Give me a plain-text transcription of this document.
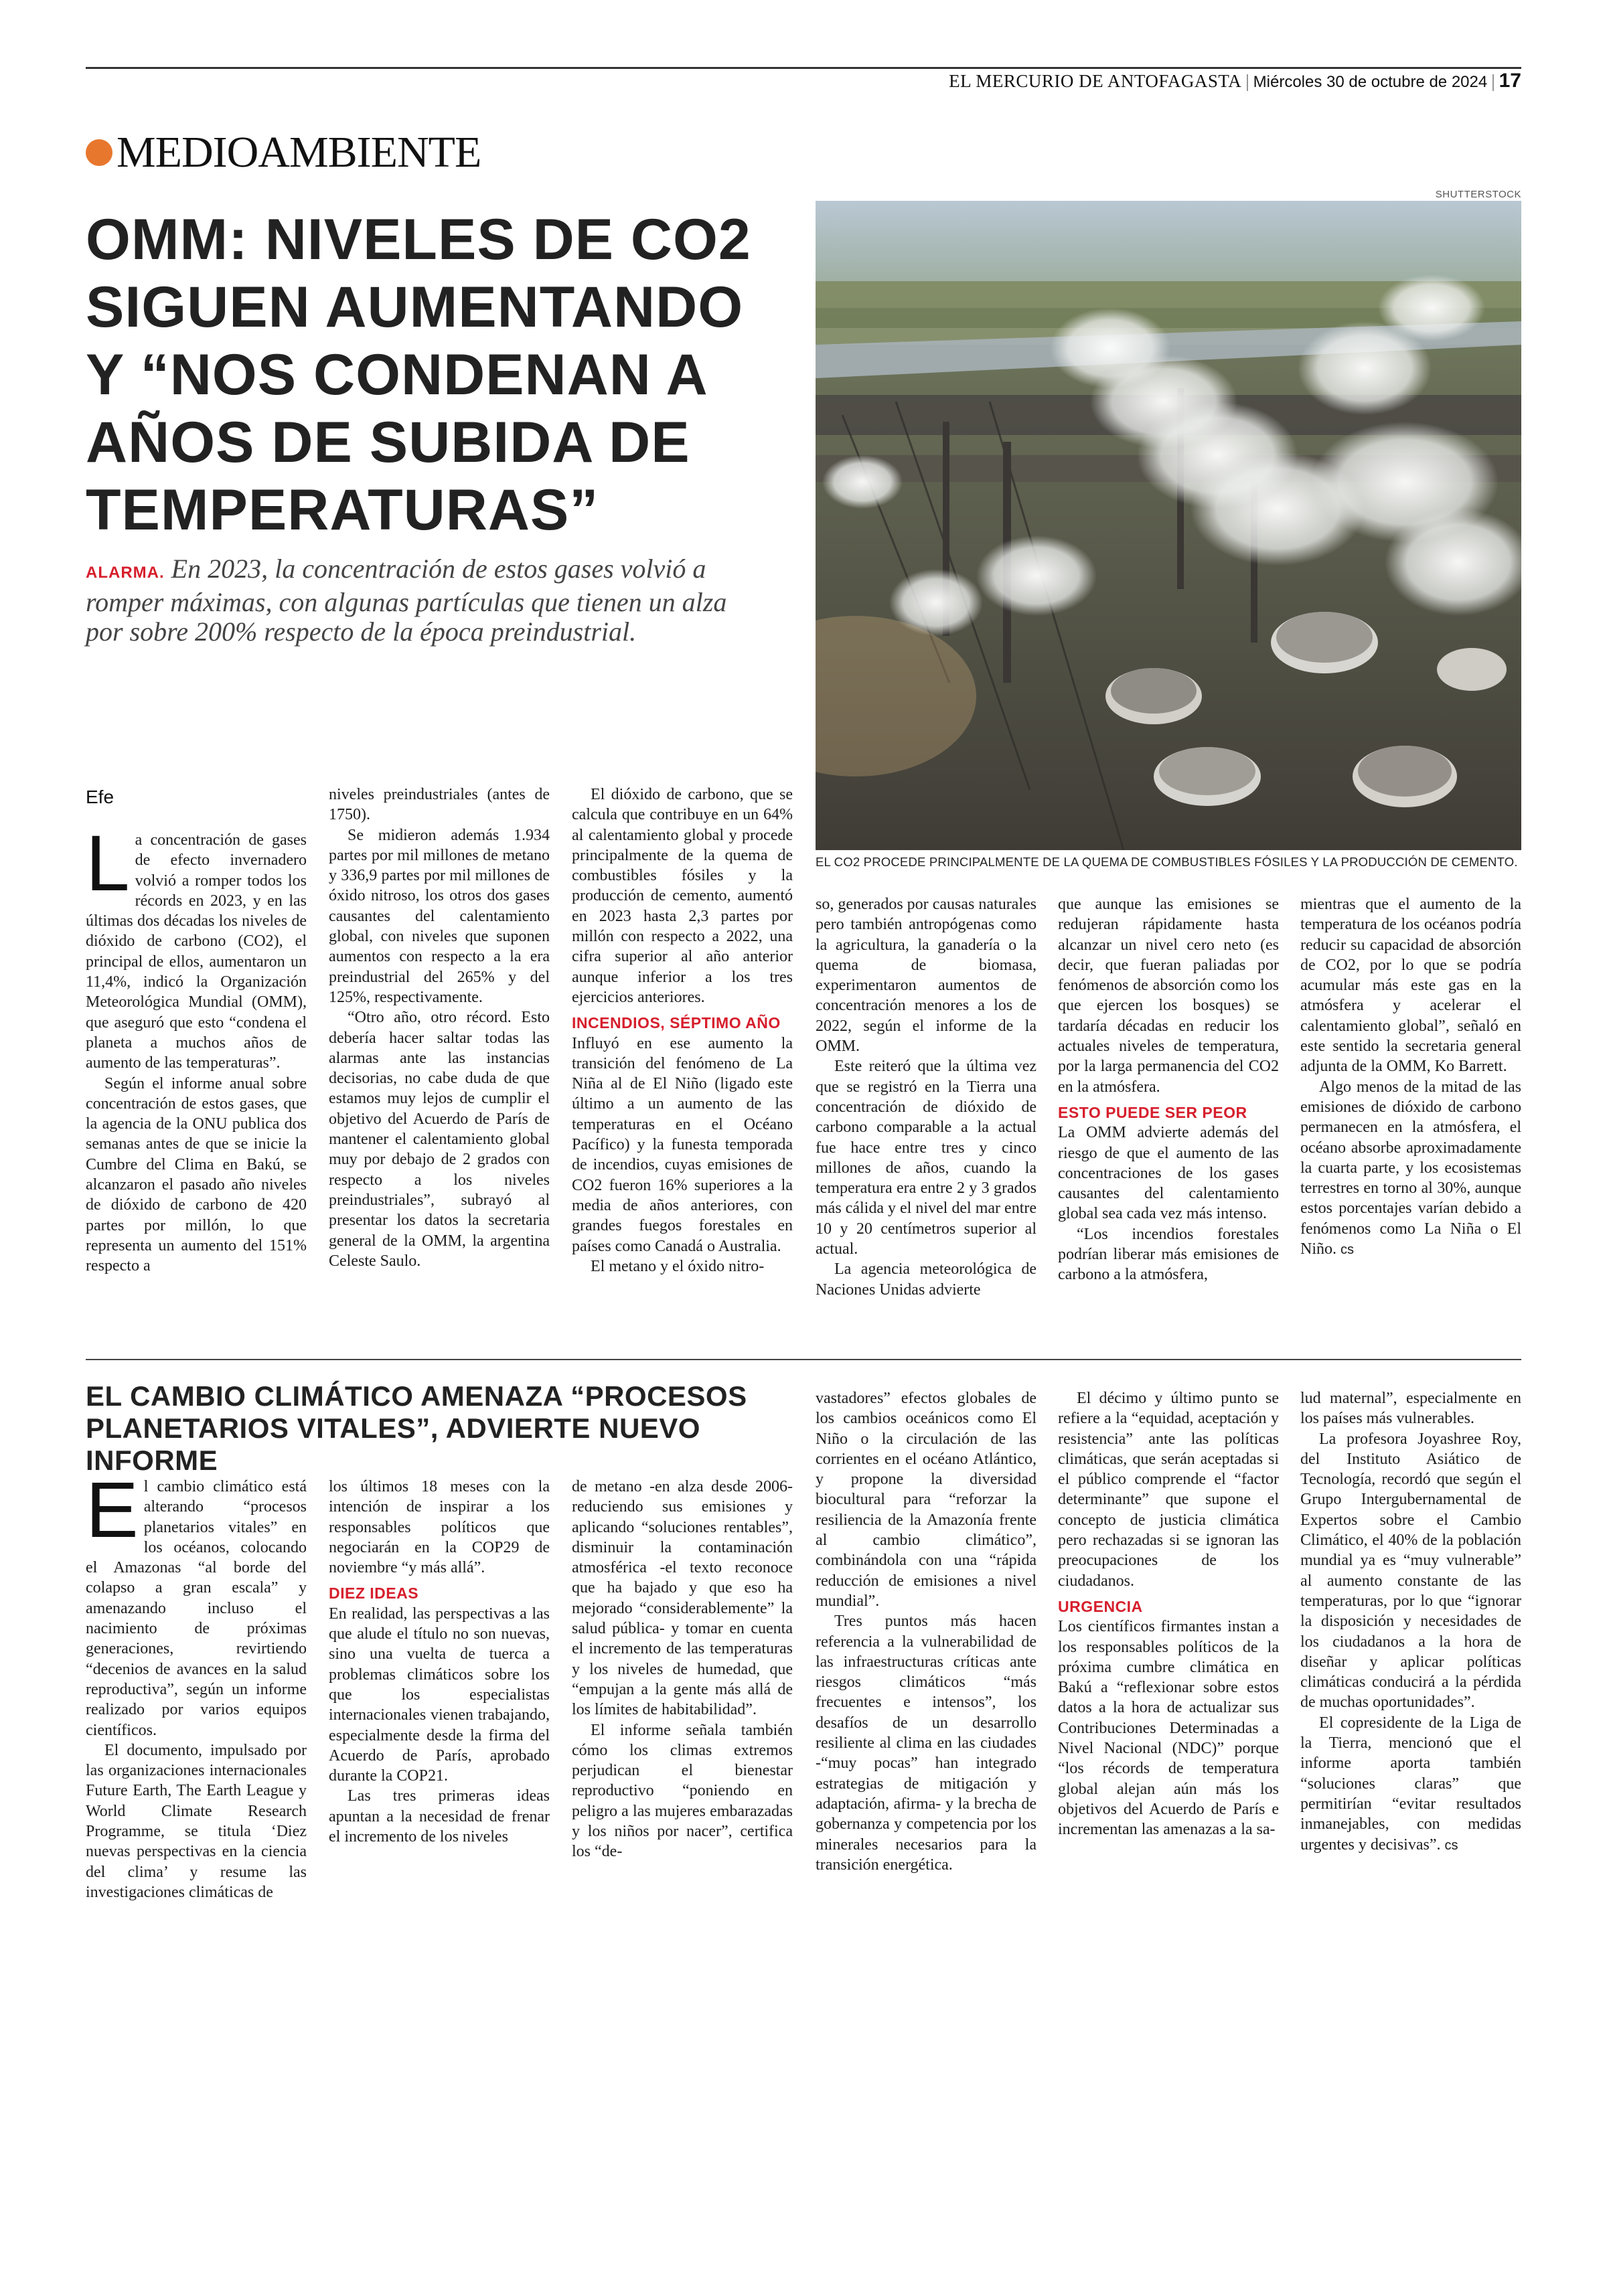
EL MERCURIO DE ANTOFAGASTA | Miércoles 30 de octubre de 2024 | 17
MEDIOAMBIENTE
OMM: NIVELES DE CO2 SIGUEN AUMENTANDO Y “NOS CONDENAN A AÑOS DE SUBIDA DE TEMPERATURAS”
ALARMA. En 2023, la concentración de estos gases volvió a romper máximas, con algunas partículas que tienen un alza por sobre 200% respecto de la época preindustrial.
SHUTTERSTOCK
EL CO2 PROCEDE PRINCIPALMENTE DE LA QUEMA DE COMBUSTIBLES FÓSILES Y LA PRODUCCIÓN DE CEMENTO.
Efe
L a concentración de gases de efecto invernadero volvió a romper todos los récords en 2023, y en las últimas dos décadas los niveles de dióxido de carbono (CO2), el principal de ellos, aumentaron un 11,4%, indicó la Organización Meteorológica Mundial (OMM), que aseguró que esto “condena el planeta a muchos años de aumento de las temperaturas”.

Según el informe anual sobre concentración de estos gases, que la agencia de la ONU publica dos semanas antes de que se inicie la Cumbre del Clima en Bakú, se alcanzaron el pasado año niveles de dióxido de carbono de 420 partes por millón, lo que representa un aumento del 151% respecto a

niveles preindustriales (antes de 1750).

Se midieron además 1.934 partes por mil millones de metano y 336,9 partes por mil millones de óxido nitroso, los otros dos gases causantes del calentamiento global, con niveles que suponen aumentos con respecto a la era preindustrial del 265% y del 125%, respectivamente.

“Otro año, otro récord. Esto debería hacer saltar todas las alarmas ante las instancias decisorias, no cabe duda de que estamos muy lejos de cumplir el objetivo del Acuerdo de París de mantener el calentamiento global muy por debajo de 2 grados con respecto a los niveles preindustriales”, subrayó al presentar los datos la secretaria general de la OMM, la argentina Celeste Saulo.

El dióxido de carbono, que se calcula que contribuye en un 64% al calentamiento global y procede principalmente de la quema de combustibles fósiles y la producción de cemento, aumentó en 2023 hasta 2,3 partes por millón con respecto a 2022, una cifra superior al año anterior aunque inferior a los tres ejercicios anteriores.

INCENDIOS, SÉPTIMO AÑO

Influyó en ese aumento la transición del fenómeno de La Niña al de El Niño (ligado este último a un aumento de las temperaturas en el Océano Pacífico) y la funesta temporada de incendios, cuyas emisiones de CO2 fueron 16% superiores a la media de años anteriores, con grandes fuegos forestales en países como Canadá o Australia.

El metano y el óxido nitro-

so, generados por causas naturales pero también antropógenas como la agricultura, la ganadería o la quema de biomasa, experimentaron aumentos de concentración menores a los de 2022, según el informe de la OMM.

Este reiteró que la última vez que se registró en la Tierra una concentración de dióxido de carbono comparable a la actual fue hace entre tres y cinco millones de años, cuando la temperatura era entre 2 y 3 grados más cálida y el nivel del mar entre 10 y 20 centímetros superior al actual.

La agencia meteorológica de Naciones Unidas advierte

que aunque las emisiones se redujeran rápidamente hasta alcanzar un nivel cero neto (es decir, que fueran paliadas por fenómenos de absorción como los que ejercen los bosques) se tardaría décadas en reducir los actuales niveles de temperatura, por la larga permanencia del CO2 en la atmósfera.

ESTO PUEDE SER PEOR

La OMM advierte además del riesgo de que el aumento de las concentraciones de los gases causantes del calentamiento global sea cada vez más intenso.

“Los incendios forestales podrían liberar más emisiones de carbono a la atmósfera,

mientras que el aumento de la temperatura de los océanos podría reducir su capacidad de absorción de CO2, por lo que se podría acumular más este gas en la atmósfera y acelerar el calentamiento global”, señaló en este sentido la secretaria general adjunta de la OMM, Ko Barrett.

Algo menos de la mitad de las emisiones de dióxido de carbono permanecen en la atmósfera, el océano absorbe aproximadamente la cuarta parte, y los ecosistemas terrestres en torno al 30%, aunque estos porcentajes varían debido a fenómenos como La Niña o El Niño. cs

EL CAMBIO CLIMÁTICO AMENAZA “PROCESOS PLANETARIOS VITALES”, ADVIERTE NUEVO INFORME
E l cambio climático está alterando “procesos planetarios vitales” en los océanos, colocando el Amazonas “al borde del colapso a gran escala” y amenazando incluso el nacimiento de próximas generaciones, revirtiendo “decenios de avances en la salud reproductiva”, según un informe realizado por varios equipos científicos.

El documento, impulsado por las organizaciones internacionales Future Earth, The Earth League y World Climate Research Programme, se titula ‘Diez nuevas perspectivas en la ciencia del clima’ y resume las investigaciones climáticas de

los últimos 18 meses con la intención de inspirar a los responsables políticos que negociarán en la COP29 de noviembre “y más allá”.

DIEZ IDEAS

En realidad, las perspectivas a las que alude el título no son nuevas, sino una vuelta de tuerca a problemas climáticos sobre los que los especialistas internacionales vienen trabajando, especialmente desde la firma del Acuerdo de París, aprobado durante la COP21.

Las tres primeras ideas apuntan a la necesidad de frenar el incremento de los niveles

de metano -en alza desde 2006- reduciendo sus emisiones y aplicando “soluciones rentables”, disminuir la contaminación atmosférica -el texto reconoce que ha bajado y que eso ha mejorado “considerablemente” la salud pública- y tomar en cuenta el incremento de las temperaturas y los niveles de humedad, que “empujan a la gente más allá de los límites de habitabilidad”.

El informe señala también cómo los climas extremos perjudican el bienestar reproductivo “poniendo en peligro a las mujeres embarazadas y los niños por nacer”, certifica los “de-

vastadores” efectos globales de los cambios oceánicos como El Niño o la circulación de las corrientes en el océano Atlántico, y propone la diversidad biocultural para “reforzar la resiliencia de la Amazonía frente al cambio climático”, combinándola con una “rápida reducción de emisiones a nivel mundial”.

Tres puntos más hacen referencia a la vulnerabilidad de las infraestructuras críticas ante riesgos climáticos “más frecuentes e intensos”, los desafíos de un desarrollo resiliente al clima en las ciudades -“muy pocas” han integrado estrategias de mitigación y adaptación, afirma- y la brecha de gobernanza y competencia por los minerales necesarios para la transición energética.

El décimo y último punto se refiere a la “equidad, aceptación y resistencia” ante las políticas climáticas, que serán aceptadas si el público comprende el “factor determinante” que supone el concepto de justicia climática pero rechazadas si se ignoran las preocupaciones de los ciudadanos.

URGENCIA

Los científicos firmantes instan a los responsables políticos de la próxima cumbre climática en Bakú a “reflexionar sobre estos datos a la hora de actualizar sus Contribuciones Determinadas a Nivel Nacional (NDC)” porque “los récords de temperatura global alejan aún más los objetivos del Acuerdo de París e incrementan las amenazas a la sa-

lud maternal”, especialmente en los países más vulnerables.

La profesora Joyashree Roy, del Instituto Asiático de Tecnología, recordó que según el Grupo Intergubernamental de Expertos sobre el Cambio Climático, el 40% de la población mundial ya es “muy vulnerable” al aumento constante de las temperaturas, por lo que “ignorar la disposición y necesidades de los ciudadanos a la hora de diseñar y aplicar políticas climáticas conducirá a la pérdida de muchas oportunidades”.

El copresidente de la Liga de la Tierra, mencionó que el informe aporta también “soluciones claras” que permitirían “evitar resultados inmanejables, con medidas urgentes y decisivas”. cs
